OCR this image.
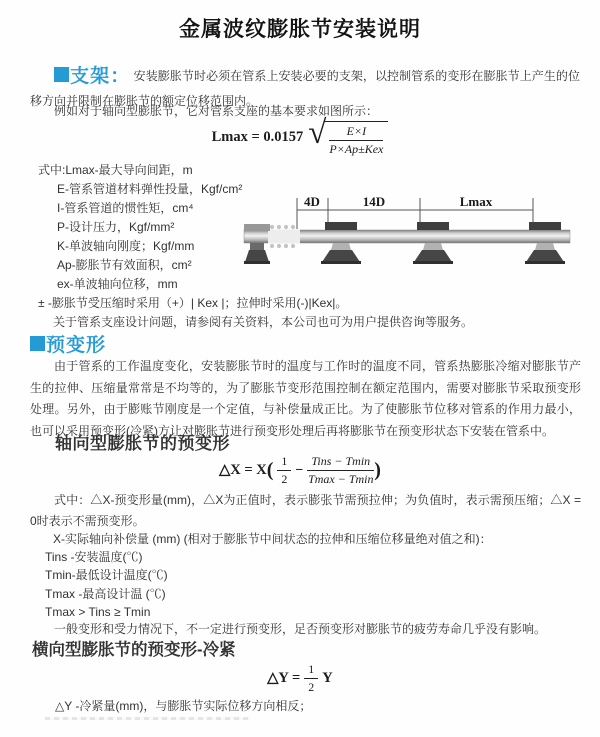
金属波纹膨胀节安装说明

支架： 安装膨胀节时必须在管系上安装必要的支架，以控制管系的变形在膨胀节上产生的位移方向并限制在膨胀节的额定位移范围内。

例如对于轴向型膨胀节，它对管系支座的基本要求如图所示：
Lmax = 0.0157 √ $\frac{E\times I}{\text{P×Ap±Kex}}$
式中:Lmax-最大导向间距，m
E-管系管道材料弹性投量，Kgf/cm²
I-管系管道的惯性矩，cm⁴
P-设计压力，Kgf/mm²
K-单波轴向刚度；Kgf/mm
Ap-膨胀节有效面积，cm²
ex-单波轴向位移，mm
± -膨胀节受压缩时采用（+）| Kex |；拉伸时采用(-)|Kex|。
关于管系支座设计问题，请参阅有关资料，本公司也可为用户提供咨询等服务。
4D	14D	Lmax
预变形
由于管系的工作温度变化，安装膨胀节时的温度与工作时的温度不同，管系热膨胀冷缩对膨胀节产生的拉伸、压缩量常常是不均等的，为了膨胀节变形范围控制在额定范围内，需要对膨胀节采取预变形处理。另外，由于膨账节刚度是一个定值，与补偿量成正比。为了使膨胀节位移对管系的作用力最小，也可以采用预变形(冷紧)方让对膨胀节进行预变形处理后再将膨胀节在预变形状态下安装在管系中。
轴向型膨胀节的预变形
△X = $X( \frac{1}{2} - \frac{\text{Tins − Tmin}}{Tmax - Tmin}$ )
式中：△X-预变形量(mm)，△X为正值时，表示膨张节需预拉伸；为负值时，表示需预压缩；△X = 0时表示不需预变形。
X-实际轴向补偿量 (mm) (相对于膨胀节中间状态的拉伸和压缩位移量绝对值之和)：
Tins -安装温度(℃)
Tmin-最低设计温度(℃)
Tmax -最高设计温 (℃)
Tmax > Tins ≥ Tmin
一般变形和受力情况下，不一定进行预变形，足否预变形对膨胀节的疲劳寿命几乎没有影响。
横向型膨胀节的预变形-冷紧
△Y = $\frac{1}{2}$ Y
△Y -冷紧量(mm)，与膨胀节实际位移方向相反；
